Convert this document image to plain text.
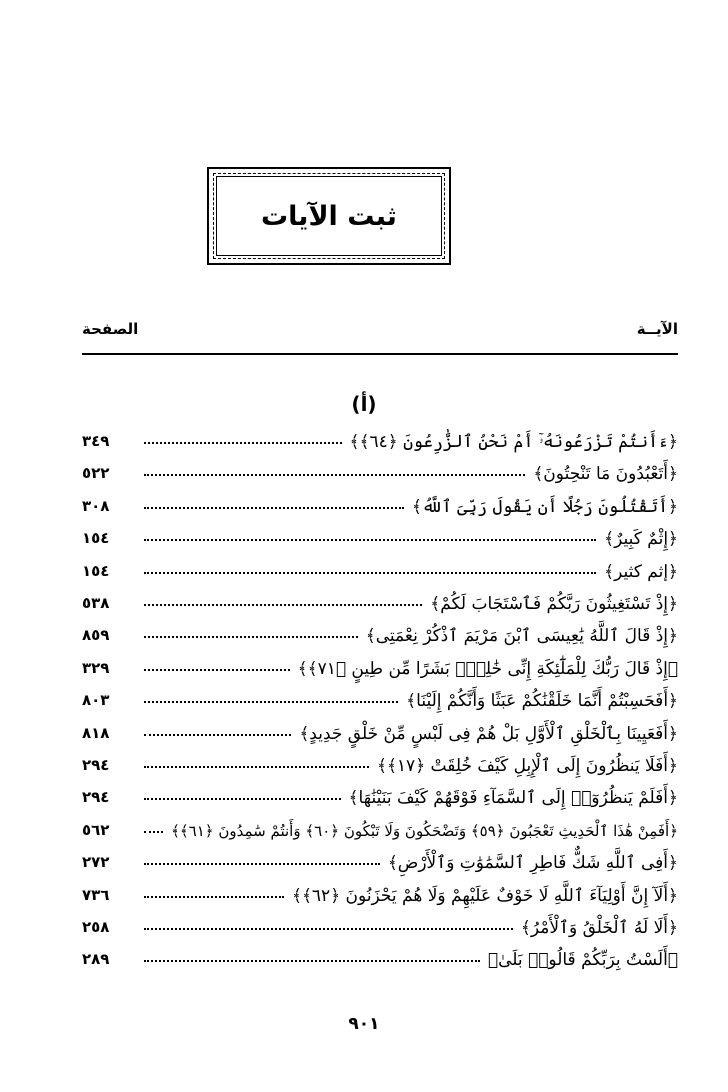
ثبت الآيات
الآيــة
الصفحة
(أ)
٣٤٩	﴿ءَأَنتُمْ تَزْرَعُونَهُۥٓ أَمْ نَحْنُ ٱلزَّٰرِعُونَ ﴿٦٤﴾﴾
٥٢٢	﴿أَتَعْبُدُونَ مَا تَنْحِتُونَ﴾
٣٠٨	﴿أَتَقْتُلُونَ رَجُلًا أَن يَقُولَ رَبِّىَ ٱللَّهُ﴾
١٥٤	﴿إِثْمٌ كَبِيرٌ﴾
١٥٤	﴿إثم كثير﴾
٥٣٨	﴿إِذْ تَسْتَغِيثُونَ رَبَّكُمْ فَٱسْتَجَابَ لَكُمْ﴾
٨٥٩	﴿إِذْ قَالَ ٱللَّهُ يَٰعِيسَى ٱبْنَ مَرْيَمَ ٱذْكُرْ نِعْمَتِى﴾
٣٢٩	﴿إِذْ قَالَ رَبُّكَ لِلْمَلَٰٓئِكَةِ إِنِّى خَٰلِقٌۢ بَشَرًا مِّن طِينٍ ﴿٧١﴾﴾
٨٠٣	﴿أَفَحَسِبْتُمْ أَنَّمَا خَلَقْنَٰكُمْ عَبَثًا وَأَنَّكُمْ إِلَيْنَا﴾
٨١٨	﴿أَفَعَيِينَا بِٱلْخَلْقِ ٱلْأَوَّلِ بَلْ هُمْ فِى لَبْسٍ مِّنْ خَلْقٍ جَدِيدٍ﴾
٢٩٤	﴿أَفَلَا يَنظُرُونَ إِلَى ٱلْإِبِلِ كَيْفَ خُلِقَتْ ﴿١٧﴾﴾
٢٩٤	﴿أَفَلَمْ يَنظُرُوٓا۟ إِلَى ٱلسَّمَآءِ فَوْقَهُمْ كَيْفَ بَنَيْنَٰهَا﴾
٥٦٢	﴿أَفَمِنْ هَٰذَا ٱلْحَدِيثِ تَعْجَبُونَ ﴿٥٩﴾ وَتَضْحَكُونَ وَلَا تَبْكُونَ ﴿٦٠﴾ وَأَنتُمْ سَٰمِدُونَ ﴿٦١﴾﴾
٢٧٢	﴿أَفِى ٱللَّهِ شَكٌّ فَاطِرِ ٱلسَّمَٰوَٰتِ وَٱلْأَرْضِ﴾
٧٣٦	﴿أَلَآ إِنَّ أَوْلِيَآءَ ٱللَّهِ لَا خَوْفٌ عَلَيْهِمْ وَلَا هُمْ يَحْزَنُونَ ﴿٦٢﴾﴾
٢٥٨	﴿أَلَا لَهُ ٱلْخَلْقُ وَٱلْأَمْرُ﴾
٢٨٩	﴿أَلَسْتُ بِرَبِّكُمْ قَالُوا۟ بَلَىٰ﴾
٩٠١
